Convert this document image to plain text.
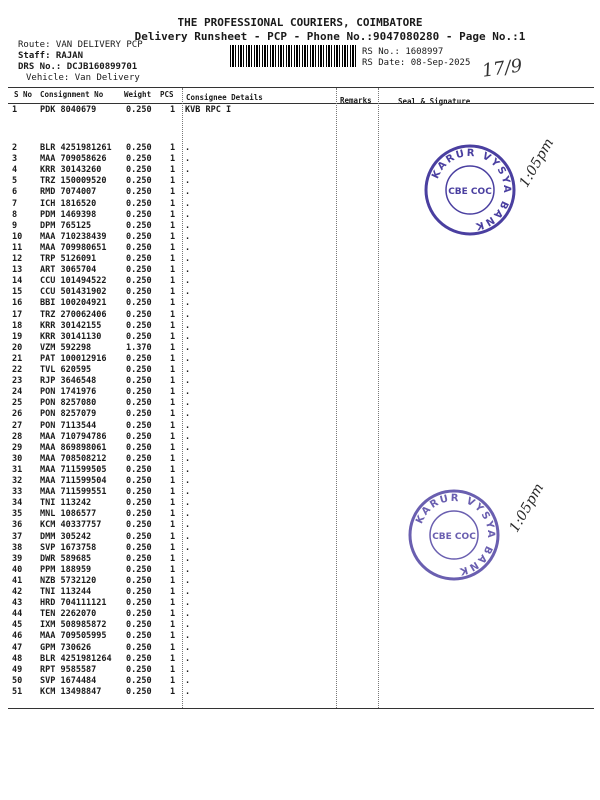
THE PROFESSIONAL COURIERS, COIMBATORE
Delivery Runsheet - PCP - Phone No.:9047080280 - Page No.:1
Route: VAN DELIVERY PCP
Staff: RAJAN
DRS No.: DCJB160899701
Vehicle: Van Delivery
RS No.: 1608997
RS Date: 08-Sep-2025 17/9
S No Consignment No	Weight PCS Consignee Details	Remarks	Seal & Signature
1	PDK 8040679	0.250 1 KVB RPC I
2	BLR 4251981261 0.250 1 .
3	MAA 709058626 0.250 1 .
4	KRR 30143260	0.250 1 .
5	TRZ 150009520 0.250 1 .
6	RMD 7074007	0.250 1 .
7	ICH 1816520	0.250 1 .
8	PDM 1469398	0.250 1 .
9	DPM 765125	0.250 1 .
10 MAA 710238439 0.250 1 .
11 MAA 709980651 0.250 1 .
12 TRP 5126091	0.250 1 .
13 ART 3065704	0.250 1 .
14 CCU 101494522 0.250 1 .
15 CCU 501431902 0.250 1 .
16 BBI 100204921 0.250 1 .
17 TRZ 270062406 0.250 1 .
18 KRR 30142155	0.250 1 .
19 KRR 30141130	0.250 1 .
20 VZM 592298	1.370 1 .
21 PAT 100012916 0.250 1 .
22 TVL 620595	0.250 1 .
23 RJP 3646548	0.250 1 .
24 PON 1741976	0.250 1 .
25 PON 8257080	0.250 1 .
26 PON 8257079	0.250 1 .
27 PON 7113544	0.250 1 .
28 MAA 710794786 0.250 1 .
29 MAA 869898061 0.250 1 .
30 MAA 708508212 0.250 1 .
31 MAA 711599505 0.250 1 .
32 MAA 711599504 0.250 1 .
33 MAA 711599551 0.250 1 .
34 TNI 113242	0.250 1 .
35 MNL 1086577	0.250 1 .
36 KCM 40337757	0.250 1 .
37 DMM 305242	0.250 1 .
38 SVP 1673758	0.250 1 .
39 DWR 589685	0.250 1 .
40 PPM 188959	0.250 1 .
41 NZB 5732120	0.250 1 .
42 TNI 113244	0.250 1 .
43 HRD 704111121 0.250 1 .
44 TEN 2262070	0.250 1 .
45 IXM 508985872 0.250 1 .
46 MAA 709505995 0.250 1 .
47 GPM 730626	0.250 1 .
48 BLR 4251981264 0.250 1 .
49 RPT 9585587	0.250 1 .
50 SVP 1674484	0.250 1 .
51 KCM 13498847	0.250 1 .
KARUR VYSYA BANK
CBE COC
1:05pm
KARUR VYSYA BANK
CBE COC
1:05pm
